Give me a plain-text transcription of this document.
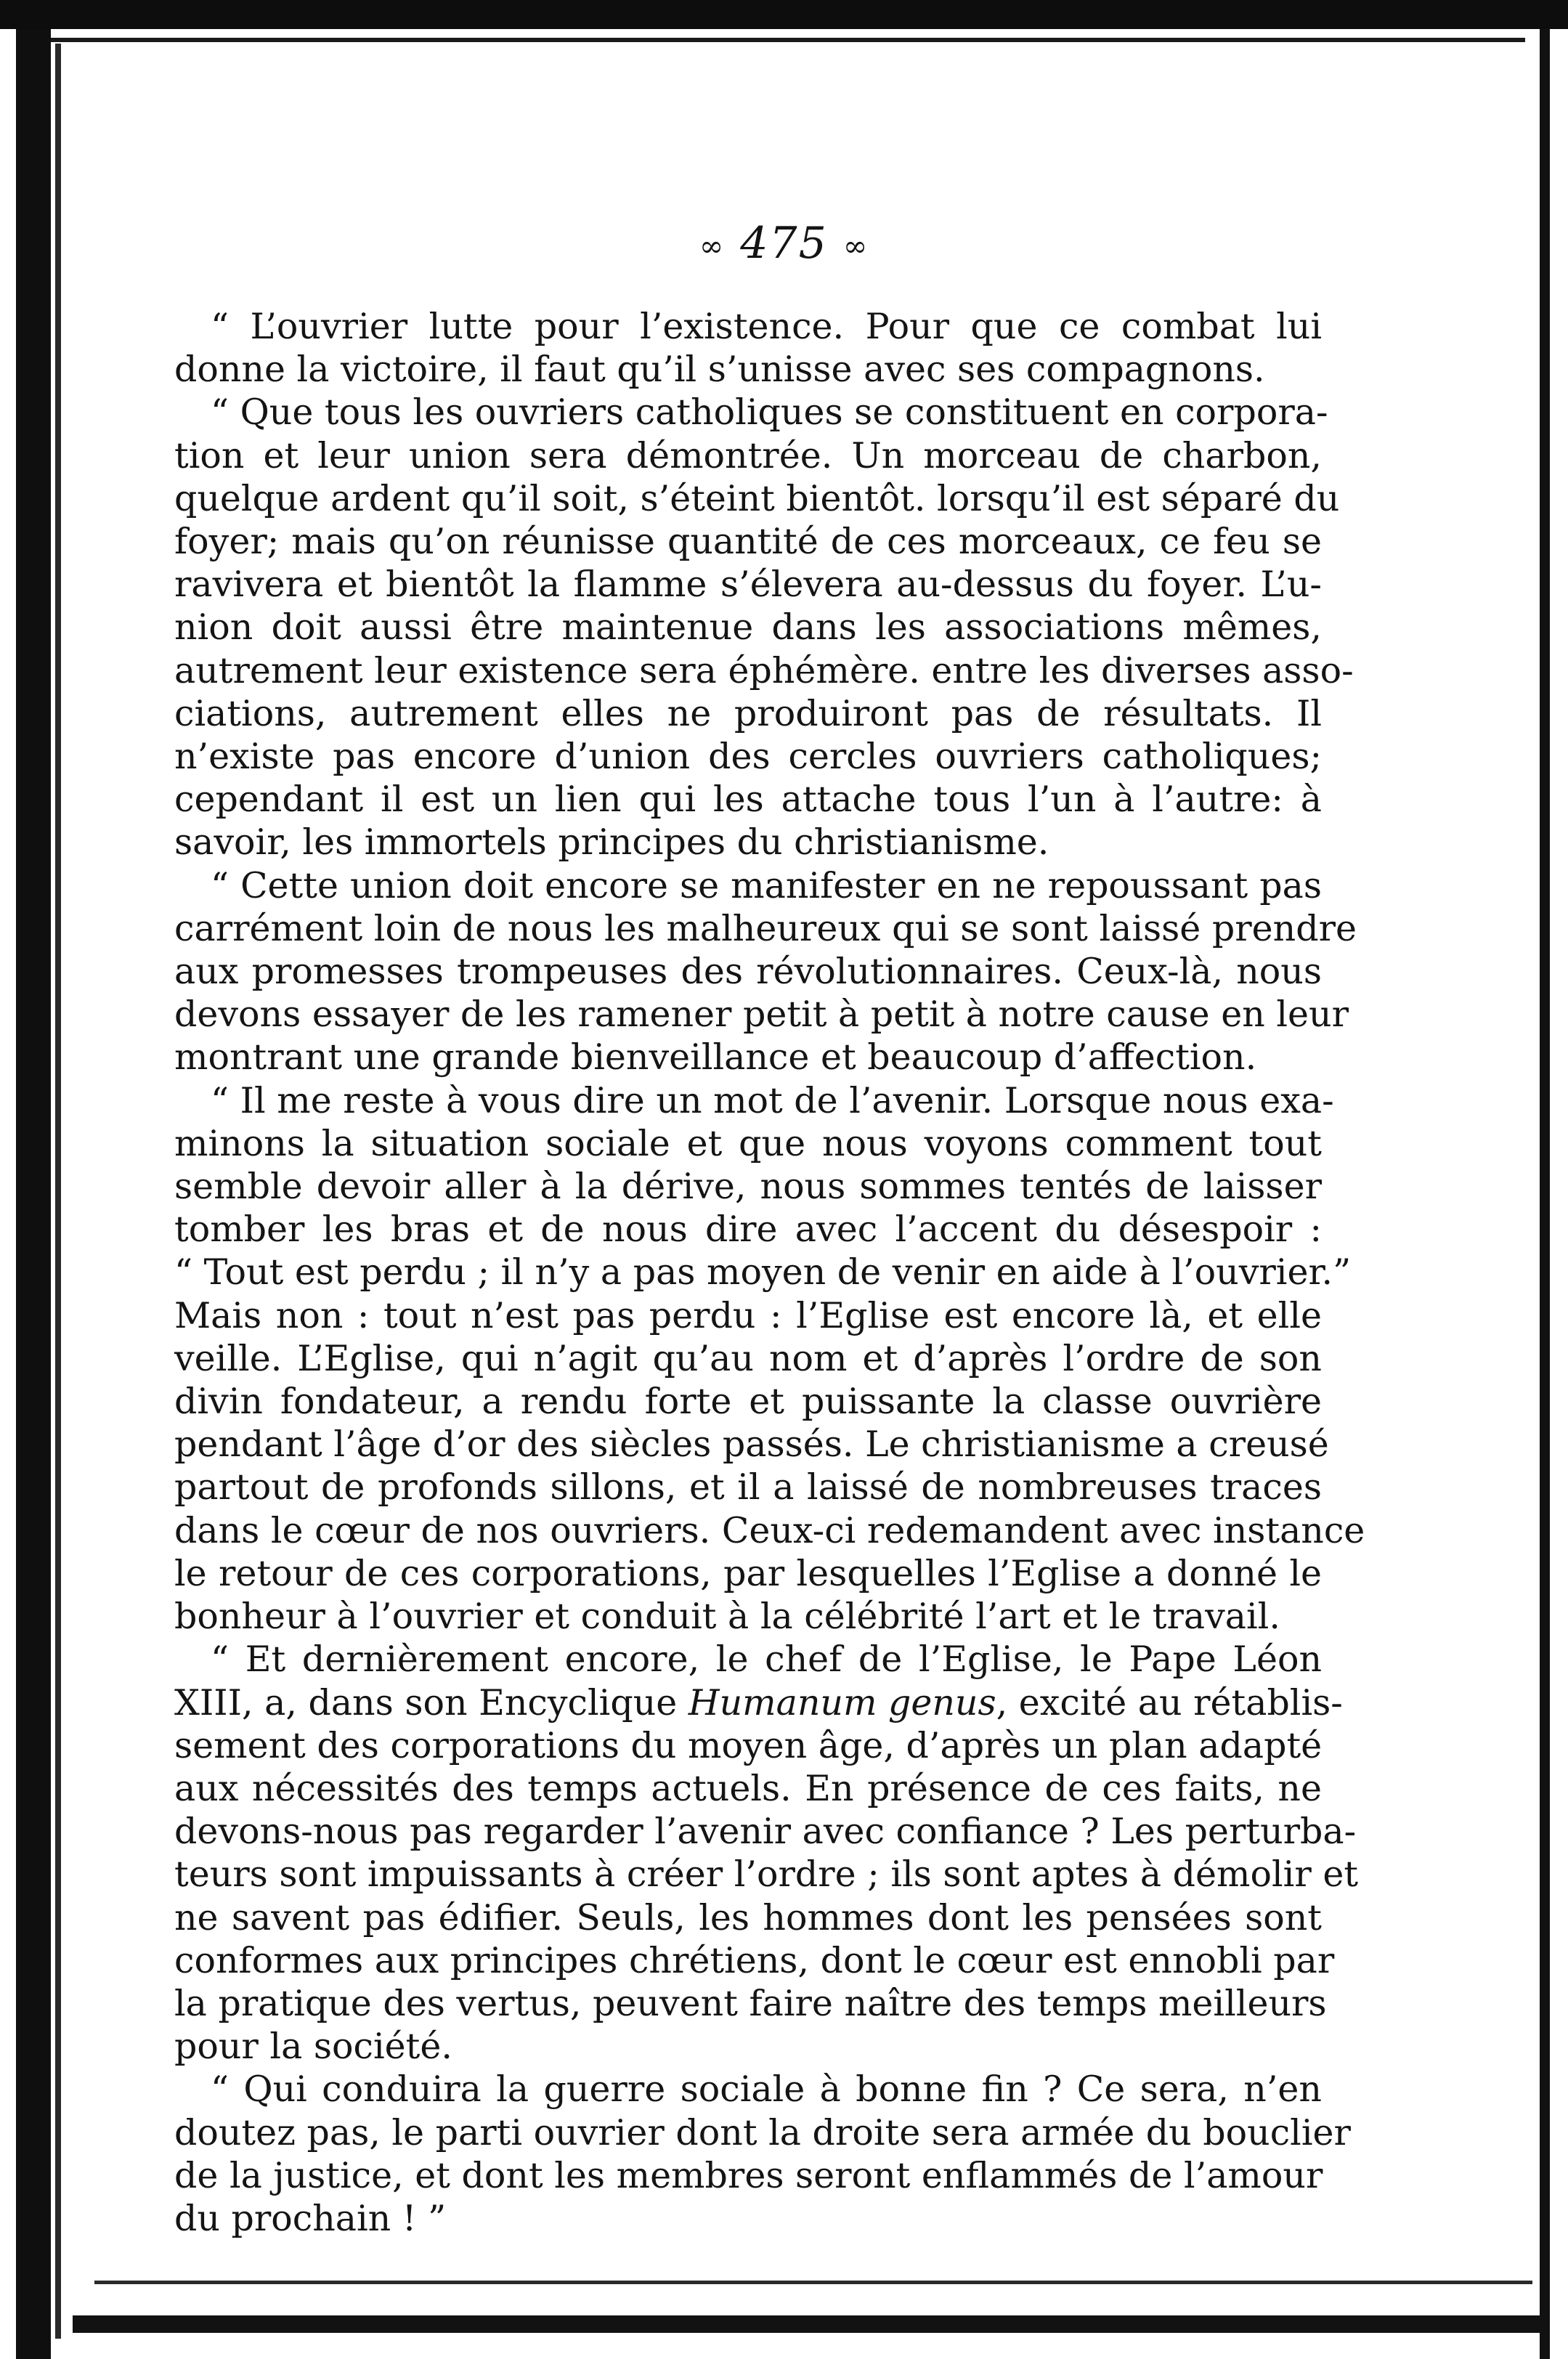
∞ 475 ∞
“ L’ouvrier lutte pour l’existence. Pour que ce combat lui
donne la victoire, il faut qu’il s’unisse avec ses compagnons.
“ Que tous les ouvriers catholiques se constituent en corpora-
tion et leur union sera démontrée. Un morceau de charbon,
quelque ardent qu’il soit, s’éteint bientôt. lorsqu’il est séparé du
foyer; mais qu’on réunisse quantité de ces morceaux, ce feu se
ravivera et bientôt la flamme s’élevera au-dessus du foyer. L’u-
nion doit aussi être maintenue dans les associations mêmes,
autrement leur existence sera éphémère. entre les diverses asso-
ciations, autrement elles ne produiront pas de résultats. Il
n’existe pas encore d’union des cercles ouvriers catholiques;
cependant il est un lien qui les attache tous l’un à l’autre: à
savoir, les immortels principes du christianisme.
“ Cette union doit encore se manifester en ne repoussant pas
carrément loin de nous les malheureux qui se sont laissé prendre
aux promesses trompeuses des révolutionnaires. Ceux-là, nous
devons essayer de les ramener petit à petit à notre cause en leur
montrant une grande bienveillance et beaucoup d’affection.
“ Il me reste à vous dire un mot de l’avenir. Lorsque nous exa-
minons la situation sociale et que nous voyons comment tout
semble devoir aller à la dérive, nous sommes tentés de laisser
tomber les bras et de nous dire avec l’accent du désespoir :
“ Tout est perdu ; il n’y a pas moyen de venir en aide à l’ouvrier.”
Mais non : tout n’est pas perdu : l’Eglise est encore là, et elle
veille. L’Eglise, qui n’agit qu’au nom et d’après l’ordre de son
divin fondateur, a rendu forte et puissante la classe ouvrière
pendant l’âge d’or des siècles passés. Le christianisme a creusé
partout de profonds sillons, et il a laissé de nombreuses traces
dans le cœur de nos ouvriers. Ceux-ci redemandent avec instance
le retour de ces corporations, par lesquelles l’Eglise a donné le
bonheur à l’ouvrier et conduit à la célébrité l’art et le travail.
“ Et dernièrement encore, le chef de l’Eglise, le Pape Léon
XIII, a, dans son Encyclique Humanum genus, excité au rétablis-
sement des corporations du moyen âge, d’après un plan adapté
aux nécessités des temps actuels. En présence de ces faits, ne
devons-nous pas regarder l’avenir avec confiance ? Les perturba-
teurs sont impuissants à créer l’ordre ; ils sont aptes à démolir et
ne savent pas édifier. Seuls, les hommes dont les pensées sont
conformes aux principes chrétiens, dont le cœur est ennobli par
la pratique des vertus, peuvent faire naître des temps meilleurs
pour la société.
“ Qui conduira la guerre sociale à bonne fin ? Ce sera, n’en
doutez pas, le parti ouvrier dont la droite sera armée du bouclier
de la justice, et dont les membres seront enflammés de l’amour
du prochain ! ”
